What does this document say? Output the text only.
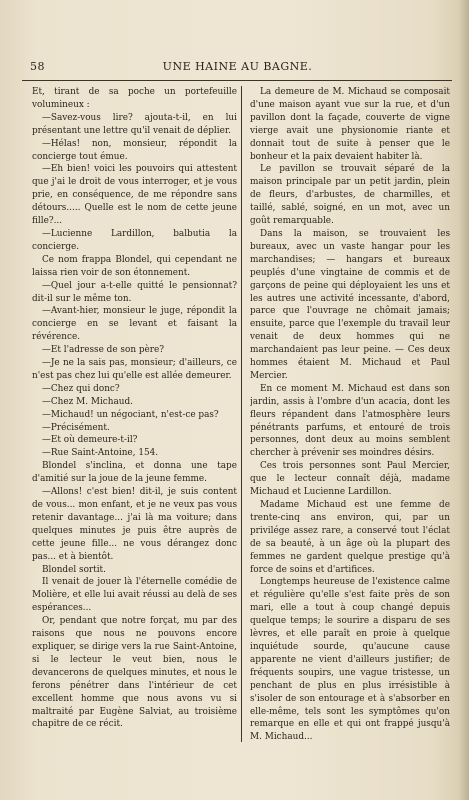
58	UNE HAINE AU BAGNE.

Et, tirant de sa poche un portefeuille volumineux :

—Savez-vous lire? ajouta-t-il, en lui présentant une lettre qu'il venait de déplier.

—Hélas! non, monsieur, répondit la concierge tout émue.

—Eh bien! voici les pouvoirs qui attestent que j'ai le droit de vous interroger, et je vous prie, en conséquence, de me répondre sans détours..... Quelle est le nom de cette jeune fille?...

—Lucienne Lardillon, balbutia la concierge.

Ce nom frappa Blondel, qui cependant ne laissa rien voir de son étonnement.

—Quel jour a-t-elle quitté le pensionnat? dit-il sur le même ton.

—Avant-hier, monsieur le juge, répondit la concierge en se levant et faisant la révérence.

—Et l'adresse de son père?

—Je ne la sais pas, monsieur; d'ailleurs, ce n'est pas chez lui qu'elle est allée demeurer.

—Chez qui donc?

—Chez M. Michaud.

—Michaud! un négociant, n'est-ce pas?

—Précisément.

—Et où demeure-t-il?

—Rue Saint-Antoine, 154.

Blondel s'inclina, et donna une tape d'amitié sur la joue de la jeune femme.

—Allons! c'est bien! dit-il, je suis content de vous... mon enfant, et je ne veux pas vous retenir davantage... j'ai là ma voiture; dans quelques minutes je puis être auprès de cette jeune fille... ne vous dérangez donc pas... et à bientôt.

Blondel sortit.

Il venait de jouer là l'éternelle comédie de Molière, et elle lui avait réussi au delà de ses espérances...

Or, pendant que notre forçat, mu par des raisons que nous ne pouvons encore expliquer, se dirige vers la rue Saint-Antoine, si le lecteur le veut bien, nous le devancerons de quelques minutes, et nous le ferons pénétrer dans l'intérieur de cet excellent homme que nous avons vu si maltraité par Eugène Salviat, au troisième chapitre de ce récit.

La demeure de M. Michaud se composait d'une maison ayant vue sur la rue, et d'un pavillon dont la façade, couverte de vigne vierge avait une physionomie riante et donnait tout de suite à penser que le bonheur et la paix devaient habiter là.

Le pavillon se trouvait séparé de la maison principale par un petit jardin, plein de fleurs, d'arbustes, de charmilles, et taillé, sablé, soigné, en un mot, avec un goût remarquable.

Dans la maison, se trouvaient les bureaux, avec un vaste hangar pour les marchandises; — hangars et bureaux peuplés d'une vingtaine de commis et de garçons de peine qui déployaient les uns et les autres une activité incessante, d'abord, parce que l'ouvrage ne chômait jamais; ensuite, parce que l'exemple du travail leur venait de deux hommes qui ne marchandaient pas leur peine. — Ces deux hommes étaient M. Michaud et Paul Mercier.

En ce moment M. Michaud est dans son jardin, assis à l'ombre d'un acacia, dont les fleurs répandent dans l'atmosphère leurs pénétrants parfums, et entouré de trois personnes, dont deux au moins semblent chercher à prévenir ses moindres désirs.

Ces trois personnes sont Paul Mercier, que le lecteur connaît déjà, madame Michaud et Lucienne Lardillon.

Madame Michaud est une femme de trente-cinq ans environ, qui, par un privilége assez rare, a conservé tout l'éclat de sa beauté, à un âge où la plupart des femmes ne gardent quelque prestige qu'à force de soins et d'artifices.

Longtemps heureuse de l'existence calme et régulière qu'elle s'est faite près de son mari, elle a tout à coup changé depuis quelque temps; le sourire a disparu de ses lèvres, et elle paraît en proie à quelque inquiétude sourde, qu'aucune cause apparente ne vient d'ailleurs justifier; de fréquents soupirs, une vague tristesse, un penchant de plus en plus irrésistible à s'isoler de son entourage et à s'absorber en elle-même, tels sont les symptômes qu'on remarque en elle et qui ont frappé jusqu'à M. Michaud...
